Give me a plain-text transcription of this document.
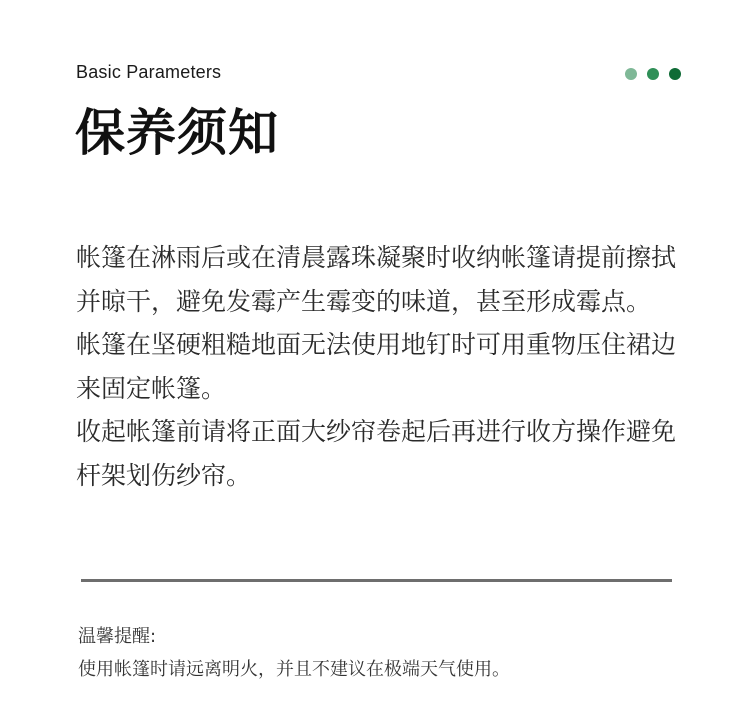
Basic Parameters
保养须知

帐篷在淋雨后或在清晨露珠凝聚时收纳帐篷请提前擦拭并晾干，避免发霉产生霉变的味道，甚至形成霉点。

帐篷在坚硬粗糙地面无法使用地钉时可用重物压住裙边来固定帐篷。

收起帐篷前请将正面大纱帘卷起后再进行收方操作避免杆架划伤纱帘。

温馨提醒:
使用帐篷时请远离明火，并且不建议在极端天气使用。
